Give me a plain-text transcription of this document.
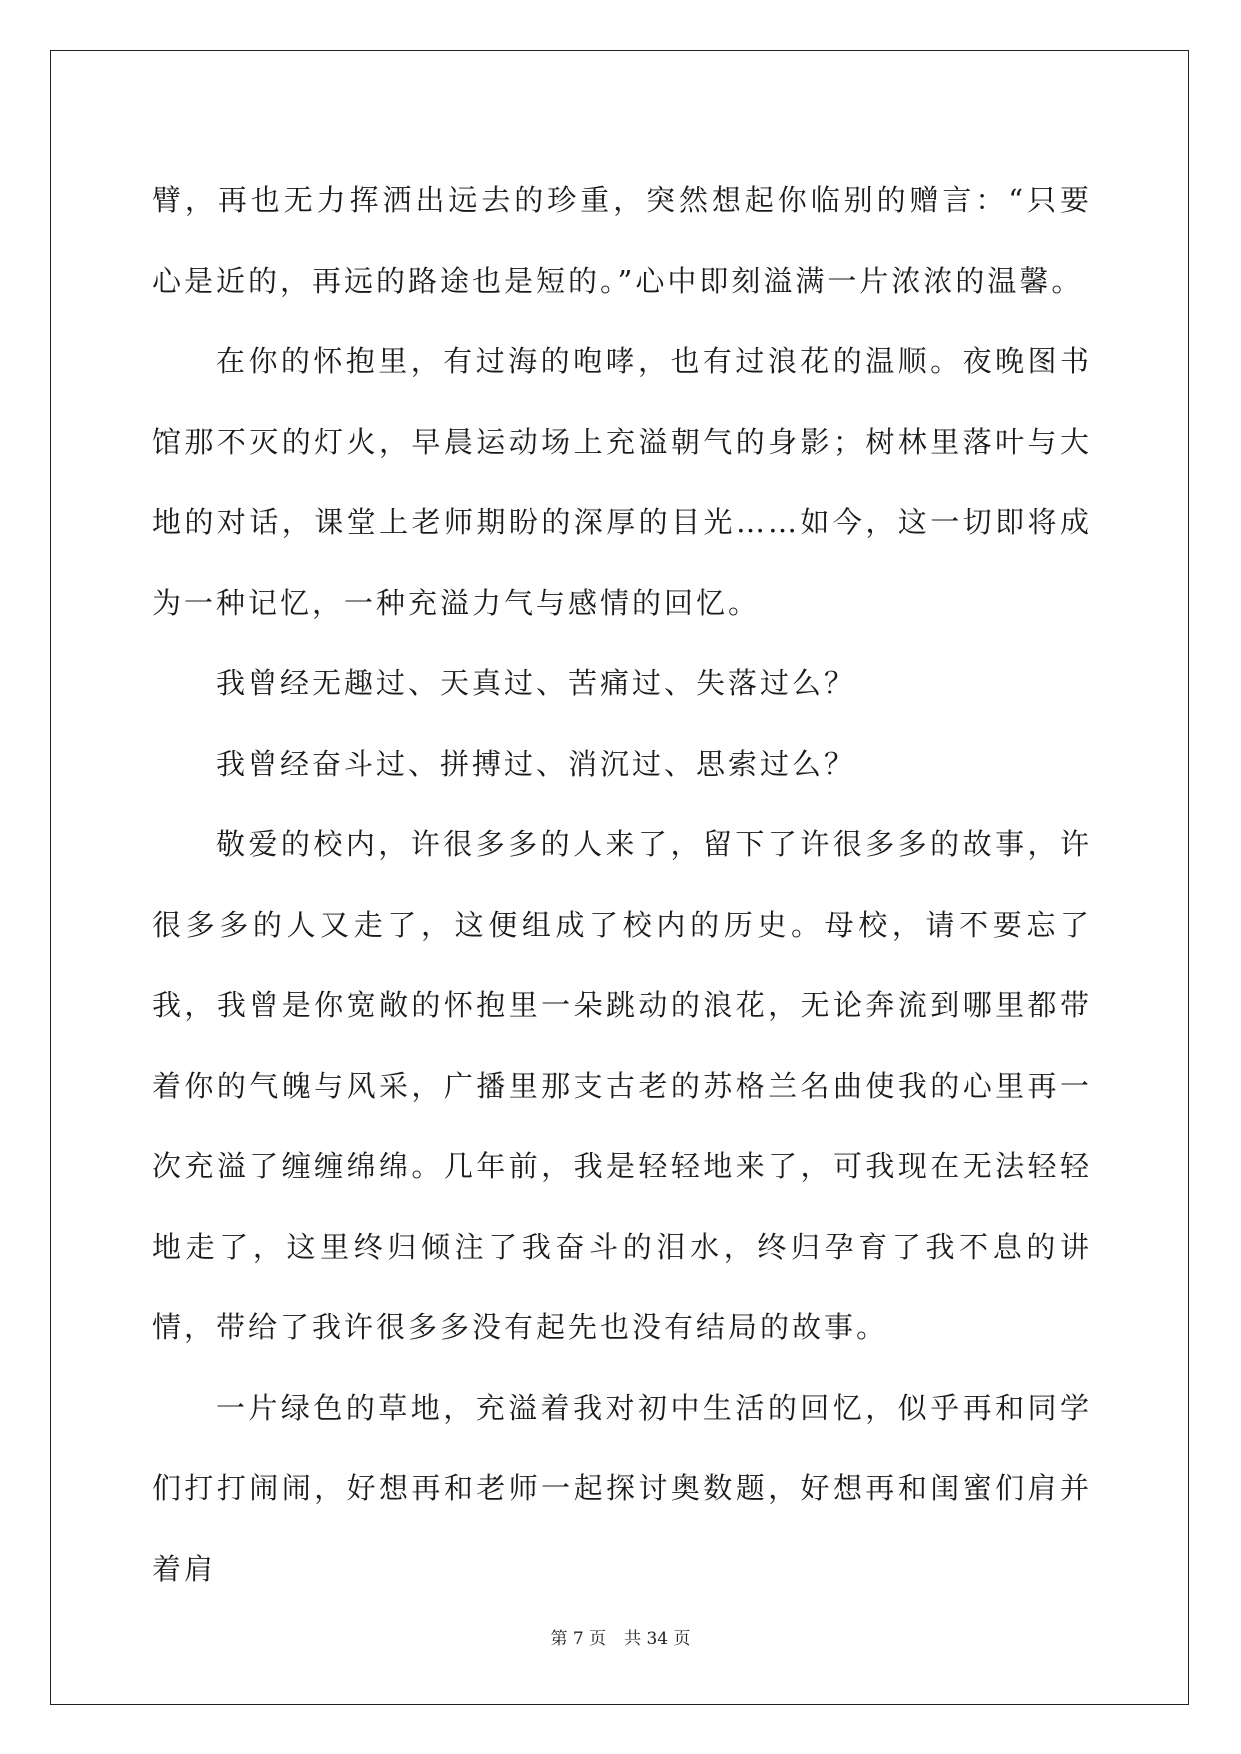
臂，再也无力挥洒出远去的珍重，突然想起你临别的赠言：“只要心是近的，再远的路途也是短的。”心中即刻溢满一片浓浓的温馨。

在你的怀抱里，有过海的咆哮，也有过浪花的温顺。夜晚图书馆那不灭的灯火，早晨运动场上充溢朝气的身影；树林里落叶与大地的对话，课堂上老师期盼的深厚的目光……如今，这一切即将成为一种记忆，一种充溢力气与感情的回忆。

我曾经无趣过、天真过、苦痛过、失落过么？

我曾经奋斗过、拼搏过、消沉过、思索过么？

敬爱的校内，许很多多的人来了，留下了许很多多的故事，许很多多的人又走了，这便组成了校内的历史。母校，请不要忘了我，我曾是你宽敞的怀抱里一朵跳动的浪花，无论奔流到哪里都带着你的气魄与风采，广播里那支古老的苏格兰名曲使我的心里再一次充溢了缠缠绵绵。几年前，我是轻轻地来了，可我现在无法轻轻地走了，这里终归倾注了我奋斗的泪水，终归孕育了我不息的讲情，带给了我许很多多没有起先也没有结局的故事。

一片绿色的草地，充溢着我对初中生活的回忆，似乎再和同学们打打闹闹，好想再和老师一起探讨奥数题，好想再和闺蜜们肩并着肩

第 7 页 共 34 页
